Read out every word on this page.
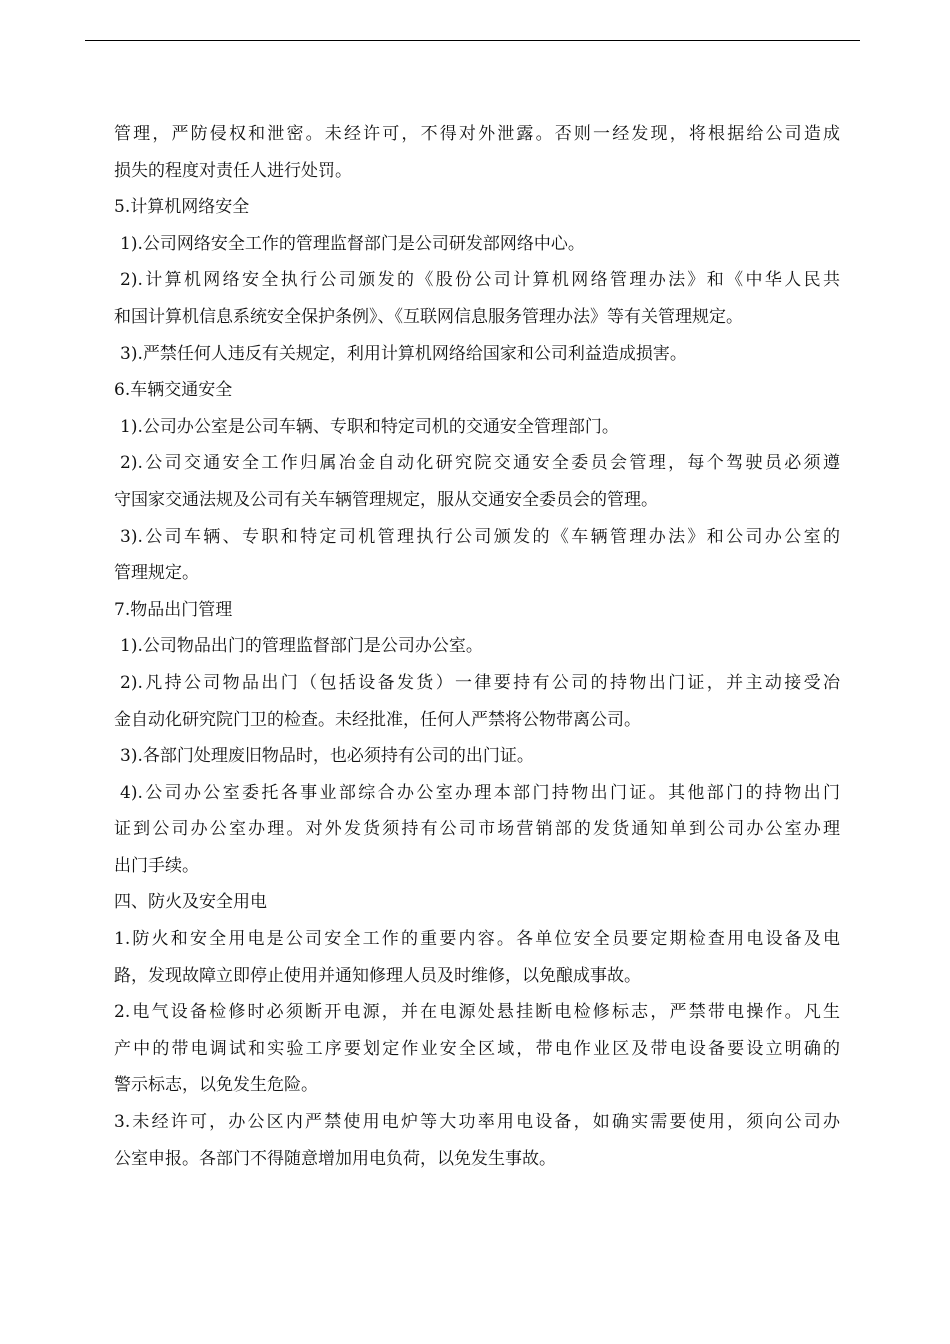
管理，严防侵权和泄密。未经许可，不得对外泄露。否则一经发现，将根据给公司造成
损失的程度对责任人进行处罚。
5.计算机网络安全
1).公司网络安全工作的管理监督部门是公司研发部网络中心。
2).计算机网络安全执行公司颁发的《股份公司计算机网络管理办法》和《中华人民共
和国计算机信息系统安全保护条例》、《互联网信息服务管理办法》等有关管理规定。
3).严禁任何人违反有关规定，利用计算机网络给国家和公司利益造成损害。
6.车辆交通安全
1).公司办公室是公司车辆、专职和特定司机的交通安全管理部门。
2).公司交通安全工作归属冶金自动化研究院交通安全委员会管理，每个驾驶员必须遵
守国家交通法规及公司有关车辆管理规定，服从交通安全委员会的管理。
3).公司车辆、专职和特定司机管理执行公司颁发的《车辆管理办法》和公司办公室的
管理规定。
7.物品出门管理
1).公司物品出门的管理监督部门是公司办公室。
2).凡持公司物品出门（包括设备发货）一律要持有公司的持物出门证，并主动接受冶
金自动化研究院门卫的检查。未经批准，任何人严禁将公物带离公司。
3).各部门处理废旧物品时，也必须持有公司的出门证。
4).公司办公室委托各事业部综合办公室办理本部门持物出门证。其他部门的持物出门
证到公司办公室办理。对外发货须持有公司市场营销部的发货通知单到公司办公室办理
出门手续。
四、防火及安全用电
1.防火和安全用电是公司安全工作的重要内容。各单位安全员要定期检查用电设备及电
路，发现故障立即停止使用并通知修理人员及时维修，以免酿成事故。
2.电气设备检修时必须断开电源，并在电源处悬挂断电检修标志，严禁带电操作。凡生
产中的带电调试和实验工序要划定作业安全区域，带电作业区及带电设备要设立明确的
警示标志，以免发生危险。
3.未经许可，办公区内严禁使用电炉等大功率用电设备，如确实需要使用，须向公司办
公室申报。各部门不得随意增加用电负荷，以免发生事故。
